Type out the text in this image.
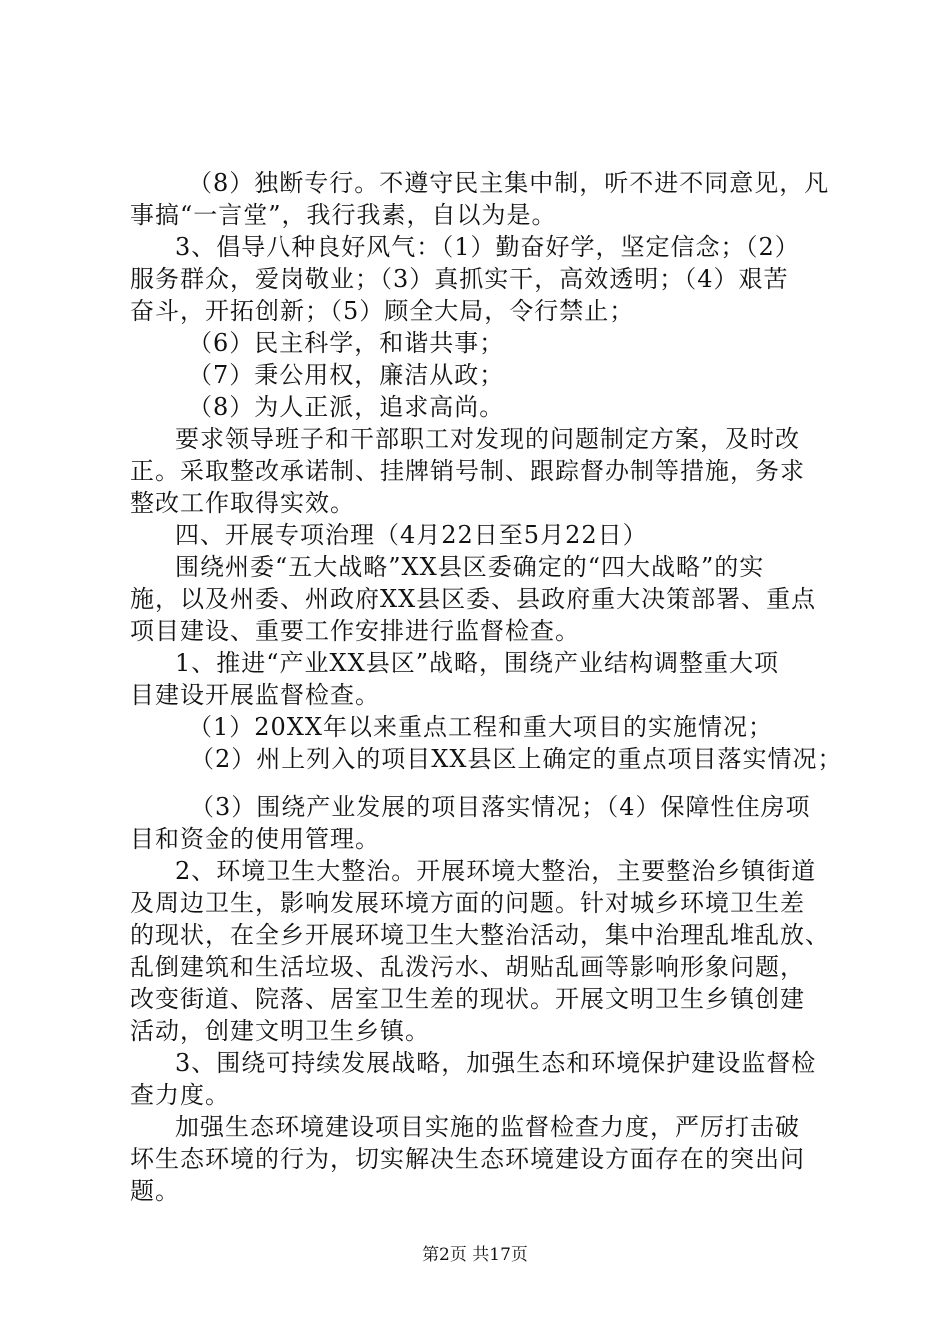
（8）独断专行。不遵守民主集中制，听不进不同意见，凡
事搞“一言堂”，我行我素，自以为是。
3、倡导八种良好风气：（1）勤奋好学，坚定信念；（2）
服务群众，爱岗敬业；（3）真抓实干，高效透明；（4）艰苦
奋斗，开拓创新；（5）顾全大局，令行禁止；
（6）民主科学，和谐共事；
（7）秉公用权，廉洁从政；
（8）为人正派，追求高尚。
要求领导班子和干部职工对发现的问题制定方案，及时改
正。采取整改承诺制、挂牌销号制、跟踪督办制等措施，务求
整改工作取得实效。
四、开展专项治理（4月22日至5月22日）
围绕州委“五大战略”XX县区委确定的“四大战略”的实
施，以及州委、州政府XX县区委、县政府重大决策部署、重点
项目建设、重要工作安排进行监督检查。
1、推进“产业XX县区”战略，围绕产业结构调整重大项
目建设开展监督检查。
（1）20XX年以来重点工程和重大项目的实施情况；
（2）州上列入的项目XX县区上确定的重点项目落实情况；
（3）围绕产业发展的项目落实情况；（4）保障性住房项
目和资金的使用管理。
2、环境卫生大整治。开展环境大整治，主要整治乡镇街道
及周边卫生，影响发展环境方面的问题。针对城乡环境卫生差
的现状，在全乡开展环境卫生大整治活动，集中治理乱堆乱放、
乱倒建筑和生活垃圾、乱泼污水、胡贴乱画等影响形象问题，
改变街道、院落、居室卫生差的现状。开展文明卫生乡镇创建
活动，创建文明卫生乡镇。
3、围绕可持续发展战略，加强生态和环境保护建设监督检
查力度。
加强生态环境建设项目实施的监督检查力度，严厉打击破
坏生态环境的行为，切实解决生态环境建设方面存在的突出问
题。
第2页 共17页
